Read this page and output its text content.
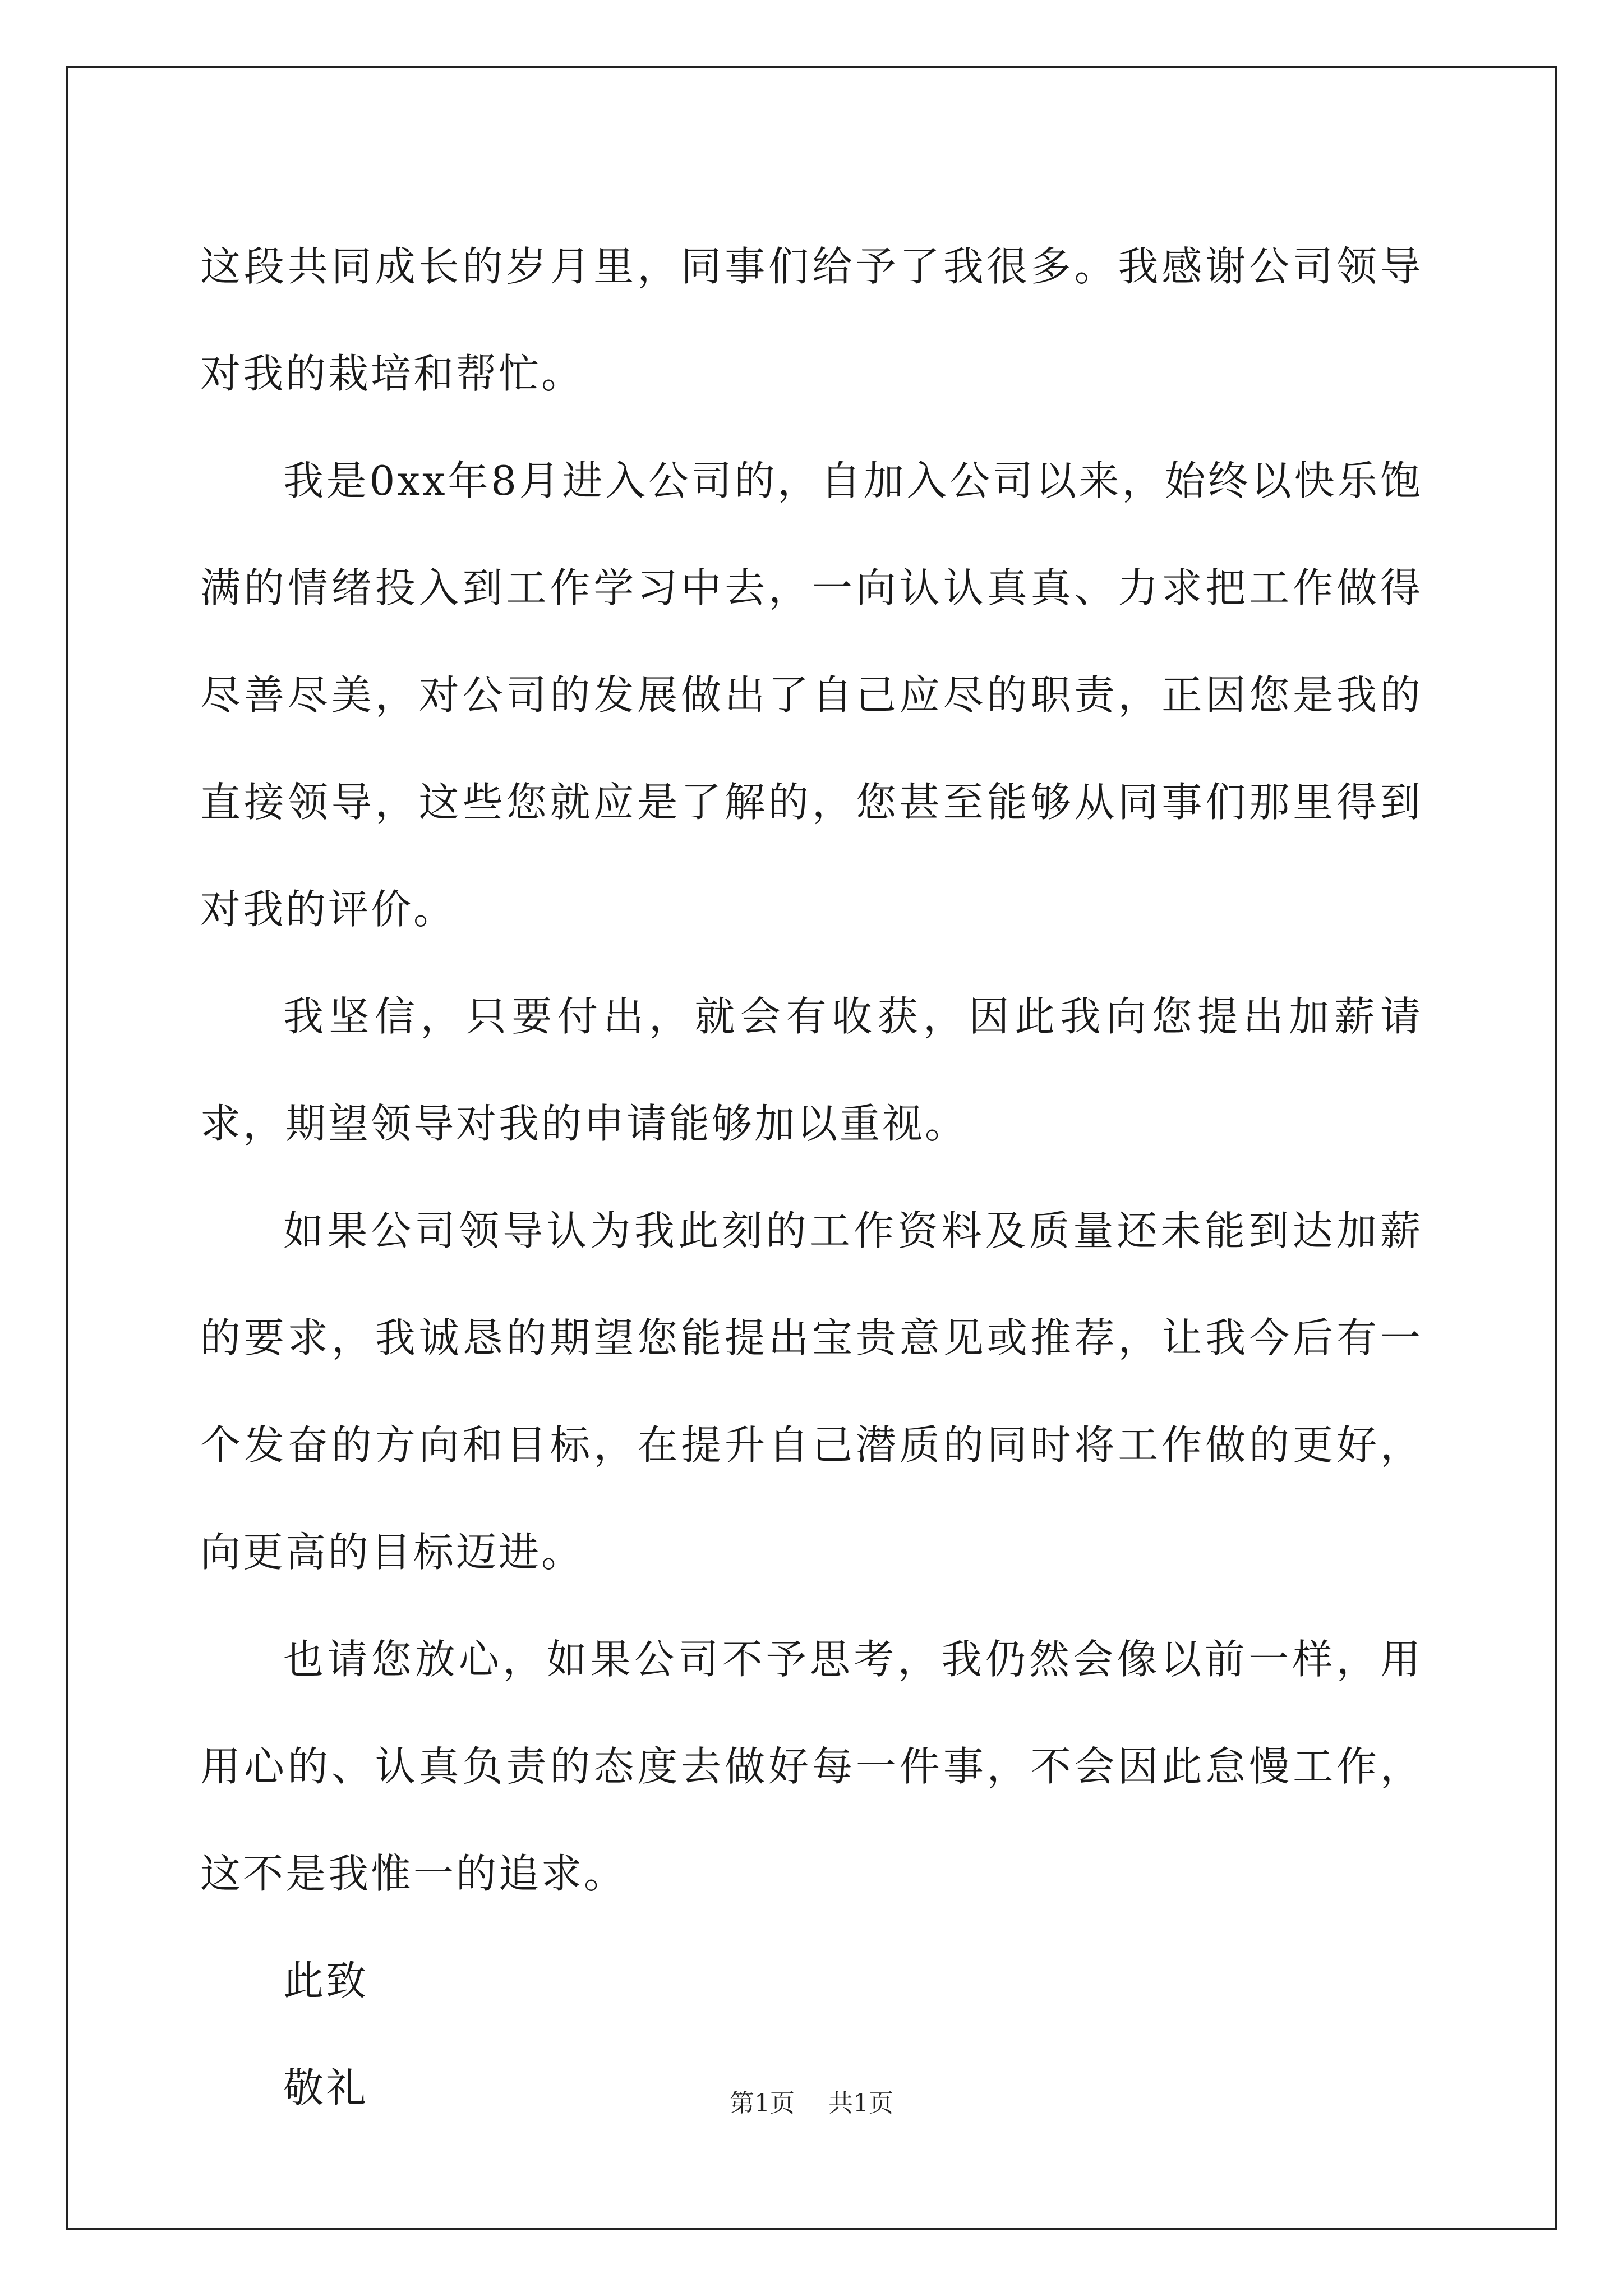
这段共同成长的岁月里，同事们给予了我很多。我感谢公司领导对我的栽培和帮忙。

我是0xx年8月进入公司的，自加入公司以来，始终以快乐饱满的情绪投入到工作学习中去，一向认认真真、力求把工作做得尽善尽美，对公司的发展做出了自己应尽的职责，正因您是我的直接领导，这些您就应是了解的，您甚至能够从同事们那里得到对我的评价。

我坚信，只要付出，就会有收获，因此我向您提出加薪请求，期望领导对我的申请能够加以重视。

如果公司领导认为我此刻的工作资料及质量还未能到达加薪的要求，我诚恳的期望您能提出宝贵意见或推荐，让我今后有一个发奋的方向和目标，在提升自己潜质的同时将工作做的更好，向更高的目标迈进。

也请您放心，如果公司不予思考，我仍然会像以前一样，用用心的、认真负责的态度去做好每一件事，不会因此怠慢工作，这不是我惟一的追求。

此致

敬礼	第1页 共1页
